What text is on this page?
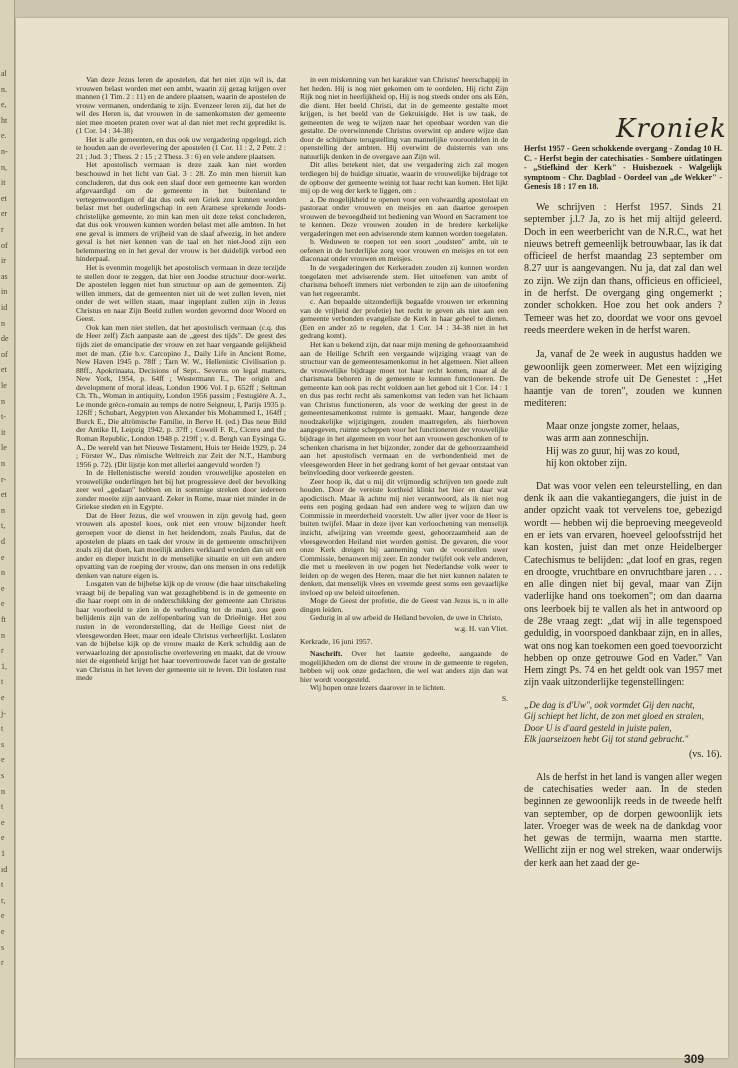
al
n.
e,
ht
e.
n-
n,
it
et
er
r
of
ir
as
in
id
n
de
of
et
le
n
t-
it
le
n
r-
et
n
t,
d
e
n
e
e
ft
n
r
1,
t
e
j-
t
s
e
s
n
t
e
e
1
ıd
t
r,
e
e
s
r

Van deze Jezus leren de apostelen, dat het niet zijn wil is, dat vrouwen belast worden met een ambt, waarin zij gezag krijgen over mannen (1 Tim. 2 : 11) en de andere plaatsen, waarin de apostelen de vrouw vermanen, onderdanig te zijn. Evenzeer leren zij, dat het de wil des Heren is, dat vrouwen in de samenkomsten der gemeente niet mee moeten praten over wat al dan niet met recht gepredikt is. (1 Cor. 14 : 34-38)

Het is alle gemeenten, en dus ook uw vergadering opgelegd, zich te houden aan de overlevering der apostelen (1 Cor. 11 : 2, 2 Petr. 2 : 21 ; Jud. 3 ; Thess. 2 : 15 ; 2 Thess. 3 : 6) en vele andere plaatsen.

Het apostolisch vermaan is deze zaak kan niet worden beschouwd in het licht van Gal. 3 : 28. Zo min men hieruit kan concluderen, dat dus ook een slaaf door een gemeente kan worden afgevaardigd om de gemeente in het buitenland te vertegenwoordigen of dat dus ook een Griek zou kunnen worden belast met het ouderlingschap in een Aramese sprekende Joods-christelijke gemeente, zo min kan men uit deze tekst concluderen, dat dus ook vrouwen kunnen worden belast met alle ambten. In het ene geval is immers de vrijheid van de slaaf afwezig, in het andere geval is het niet kennen van de taal en het niet-Jood zijn een belemmering en in het geval der vrouw is het duidelijk verbod een hinderpaal.

Het is evenmin mogelijk het apostolisch vermaan in deze terzijde te stellen door te zeggen, dat hier een Joodse structuur door-werkt. De apostelen leggen niet hun structuur op aan de gemeenten. Zij willen immers, dat de gemeenten niet uit de wet zullen leven, niet onder de wet willen staan, maar ingeplant zullen zijn in Jezus Christus en naar Zijn Beeld zullen worden gevormd door Woord en Geest.

Ook kan men niet stellen, dat het apostolisch vermaan (c.q. dus de Heer zelf) Zich aanpaste aan de „geest des tijds". De geest des tijds ziet de emancipatie der vrouw en zet haar vergaande gelijkheid met de man. (Zie b.v. Carcopino J., Daily Life in Ancient Rome, New Haven 1945 p. 78ff ; Tarn W. W., Hellenistic Civilisation p. 88ff., Apokrinaata, Decisions of Sept.. Severus on legal matters, New York, 1954, p. 64ff ; Westermann E., The origin and development of moral ideas, London 1906 Vol. I p. 652ff ; Seltman Ch. Th., Woman in antiquity, London 1956 passim ; Festugière A. J., Le monde gréco-romain au temps de notre Seigneur, I, Parijs 1935 p. 126ff ; Schubart, Aegypten von Alexander bis Mohammed I., 164ff ; Burck E., Die altrömische Familie, in Berve H. (ed.) Das neue Bild der Antike II, Leipzig 1942, p. 37ff ; Cowell F. R., Cicero and the Roman Republic, London 1948 p. 219ff ; v. d. Bergh van Eysinga G. A., De wereld van het Nieuwe Testament, Huis ter Heide 1929, p. 24 ; Förster W., Das römische Weltreich zur Zeit der N.T., Hamburg 1956 p. 72). (Dit lijstje kon met allerlei aangevuld worden !)

In de Hellenistische wereld zouden vrouwelijke apostelen en vrouwelijke ouderlingen het bij het progressieve deel der bevolking zeer wel „gedaan" hebben en in sommige streken door iedereen zonder moeite zijn aanvaard. Zeker in Rome, maar niet minder in de Griekse steden en in Egypte.

Dat de Heer Jezus, die wel vrouwen in zijn gevolg had, geen vrouwen als apostel koos, ook niet een vrouw bijzonder heeft geroepen voor de dienst in het heidendom, zoals Paulus, dat de apostelen de plaats en taak der vrouw in de gemeente omschrijven zoals zij dat doen, kan moeilijk anders verklaard worden dan uit een ander en dieper inzicht in de menselijke situatie en uit een andere opvatting van de roeping der vrouw, dan ons mensen in ons redelijk denken van nature eigen is.

Losgaten van de bijbelse kijk op de vrouw (die haar uitschakeling vraagt bij de bepaling van wat gezaghebbend is in de gemeente en die haar roept om in de onderschikking der gemeente aan Christus haar voorbeeld te zien in de verhouding tot de man), zou geen belijdenis zijn van de zelfopenbaring van de Drieënige. Het zou rusten in de veronderstelling, dat de Heilige Geest niet de vleesgeworden Heer, maar een ideale Christus verheerlijkt. Loslaten van de bijbelse kijk op de vrouw maakt de Kerk schuldig aan de verwaarlozing der apostolische overlevering en maakt, dat de vrouw niet de eigenheid krijgt het haar toevertrouwde facet van de gestalte van Christus in het leven der gemeente uit te leven. Dit loslaten rust mede

in een miskenning van het karakter van Christus' heerschappij in het heden. Hij is nog niet gekomen om te oordelen, Hij richt Zijn Rijk nog niet in heerlijkheid op, Hij is nog steeds onder ons als Eén, die dient. Het beeld Christi, dat in de gemeente gestalte moet krijgen, is het beeld van de Gekruisigde. Het is uw taak, de gemeenten de weg te wijzen naar het openbaar worden van die gestalte. De overwinnende Christus overwint op andere wijze dan door de schijnbare terugstelling van mannelijke vooroordelen in de openstelling der ambten. Hij overwint de duisternis van ons natuurlijk denken in de overgave aan Zijn wil.

Dit alles betekent niet, dat uw vergadering zich zal mogen terdiegen bij de huidige situatie, waarin de vrouwelijke bijdrage tot de opbouw der gemeente weinig tot haar recht kan komen. Het lijkt mij op de weg der kerk te liggen, om :

a. De mogelijkheid te openen voor een volwaardig apostolaat en pastoraat onder vrouwen en meisjes en aan daartoe geroepen vrouwen de bevoegdheid tot bediening van Woord en Sacrament toe te kennen. Deze vrouwen zouden in de bredere kerkelijke vergaderingen met een adviserende stem kunnen worden toegelaten.

b. Weduwen te roepen tot een soort „oudsten" ambt, uit te oefenen in de herderlijke zorg voor vrouwen en meisjes en tot een diaconaat onder vrouwen en meisjes.

In de vergaderingen der Kerkeraden zouden zij kunnen worden toegelaten met adviserende stem. Het uitoefenen van ambt of charisma behoeft immers niet verbonden te zijn aan de uitoefening van het regeerambt.

c. Aan bepaalde uitzonderlijk begaafde vrouwen ter erkenning van de vrijheid der profetie) het recht te geven als niet aan een gemeente verbonden evangeliste de Kerk in haar geheel te dienen. (Een en ander zó te regelen, dat 1 Cor. 14 : 34-38 niet in het gedrang komt).

Het kan u bekend zijn, dat naar mijn mening de gehoorzaamheid aan de Heilige Schrift een vergaande wijziging vraagt van de structuur van de gemeentesamenkomst in het algemeen. Niet alleen de vrouwelijke bijdrage moet tot haar recht komen, maar al de charismata behoren in de gemeente te kunnen functioneren. De gemeente kan ook pas recht voldoen aan het gebod uit 1 Cor. 14 : 1 en dus pas recht recht als samenkomst van leden van het lichaam van Christus functioneren, als voor de werking der geest in de gemeentesamenkomst ruimte is gemaakt. Maar, hangende deze noodzakelijke wijzigingen, zouden maatregelen, als hierboven aangegeven, ruimte scheppen voor het functioneren der vrouwelijke bijdrage in het algemeen en voor het aan vrouwen geschonken of te schenken charisma in het bijzonder, zonder dat de gehoorzaamheid aan het apostolisch vermaan en de verbondenheid met de vleesgeworden Heer in het gedrang komt of het gevaar ontstaat van beïnvloeding door verkeerde geesten.

Zeer hoop ik, dat u mij dit vrijmoedig schrijven ten goede zult houden. Door de vereiste kortheid klinkt het hier en daar wat apodictisch. Maar ik achtte mij niet verantwoord, als ik niet nog eens een poging gedaan had een andere weg te wijzen dan uw Commissie in meerderheid voorstelt. Uw aller ijver voor de Heer is buiten twijfel. Maar in deze ijver kan verloochening van menselijk inzicht, afwijzing van vreemde geest, gehoorzaamheid aan de vleesgeworden Heiland niet worden gemist. De gevaren, die voor onze Kerk dreigen bij aanneming van de voorstellen uwer Commissie, benauwen mij zeer. En zonder twijfel ook vele anderen, die met u meeleven in uw pogen het Nederlandse volk weer te leiden op de wegen des Heren, maar die het niet kunnen nalaten te denken, dat menselijk vlees en vreemde geest soms een gevaarlijke invloed op uw beleid uitoefenen.

Moge de Geest der profetie, die de Geest van Jezus is, u in alle dingen leiden.

Gedurig in al uw arbeid de Heiland bevolen, de uwe in Christo,

w.g. H. van Vliet.

Kerkrade, 16 juni 1957.

Naschrift. Over het laatste gedeelte, aangaande de mogelijkheden om de dienst der vrouw in de gemeente te regelen, hebben wij ook onze gedachten, die wel wat anders zijn dan wat hier wordt voorgesteld.

Wij hopen onze lezers daarover in te lichten.

S.
Kroniek

Herfst 1957 - Geen schokkende overgang - Zondag 10 H. C. - Herfst begin der catechisaties - Sombere uitlatingen - „Stiefkind der Kerk" - Huisbezoek - Walgelijk symptoom - Chr. Dagblad - Oordeel van „de Wekker" - Genesis 18 : 17 en 18.

We schrijven : Herfst 1957. Sinds 21 september j.l.? Ja, zo is het mij altijd geleerd. Doch in een weerbericht van de N.R.C., wat het nieuws betreft gemeenlijk betrouwbaar, las ik dat officieel de herfst maandag 23 september om 8.27 uur is aangevangen. Nu ja, dat zal dan wel zo zijn. We zijn dan thans, officieus en officieel, in de herfst. De overgang ging ongemerkt ; zonder schokken. Hoe zou het ook anders ? Temeer was het zo, doordat we voor ons gevoel reeds meerdere weken in de herfst waren.

Ja, vanaf de 2e week in augustus hadden we gewoonlijk geen zomerweer. Met een wijziging van de bekende strofe uit De Genestet : „Het haantje van de toren", zouden we kunnen mediteren:

Maar onze jongste zomer, helaas,
was arm aan zonneschijn.
Hij was zo guur, hij was zo koud,
hij kon oktober zijn.

Dat was voor velen een teleurstelling, en dan denk ik aan die vakantiegangers, die juist in de ander opzicht vaak tot vervelens toe, gebezigd wordt — hebben wij die beproeving meegeveold en er iets van ervaren, hoeveel geloofsstrijd het kan kosten, juist dan met onze Heidelberger Catechismus te belijden: „dat loof en gras, regen en droogte, vruchtbare en onvruchtbare jaren . . . en alle dingen niet bij geval, maar van Zijn vaderlijke hand ons toekomen"; om dan daarna ons leerboek bij te vallen als het in antwoord op de 28e vraag zegt: „dat wij in alle tegenspoed geduldig, in voorspoed dankbaar zijn, en in alles, wat ons nog kan toekomen een goed toevoorzicht hebben op onze getrouwe God en Vader." Van Hem zingt Ps. 74 en het geldt ook van 1957 met zijn vaak uitzonderlijke tegenstellingen:

„De dag is d'Uw", ook vormdet Gij den nacht,
Gij schiept het licht, de zon met gloed en stralen,
Door U is d'aard gesteld in juiste palen,
Elk jaarseizoen hebt Gij tot stand gebracht."
(vs. 16).

Als de herfst in het land is vangen aller wegen de catechisaties weder aan. In de steden beginnen ze gewoonlijk reeds in de tweede helft van september, op de dorpen gewoonlijk iets later. Vroeger was de week na de dankdag voor het gewas de termijn, waarna men startte. Wellicht zijn er nog wel streken, waar onderwijs der kerk aan het zaad der ge-

309
